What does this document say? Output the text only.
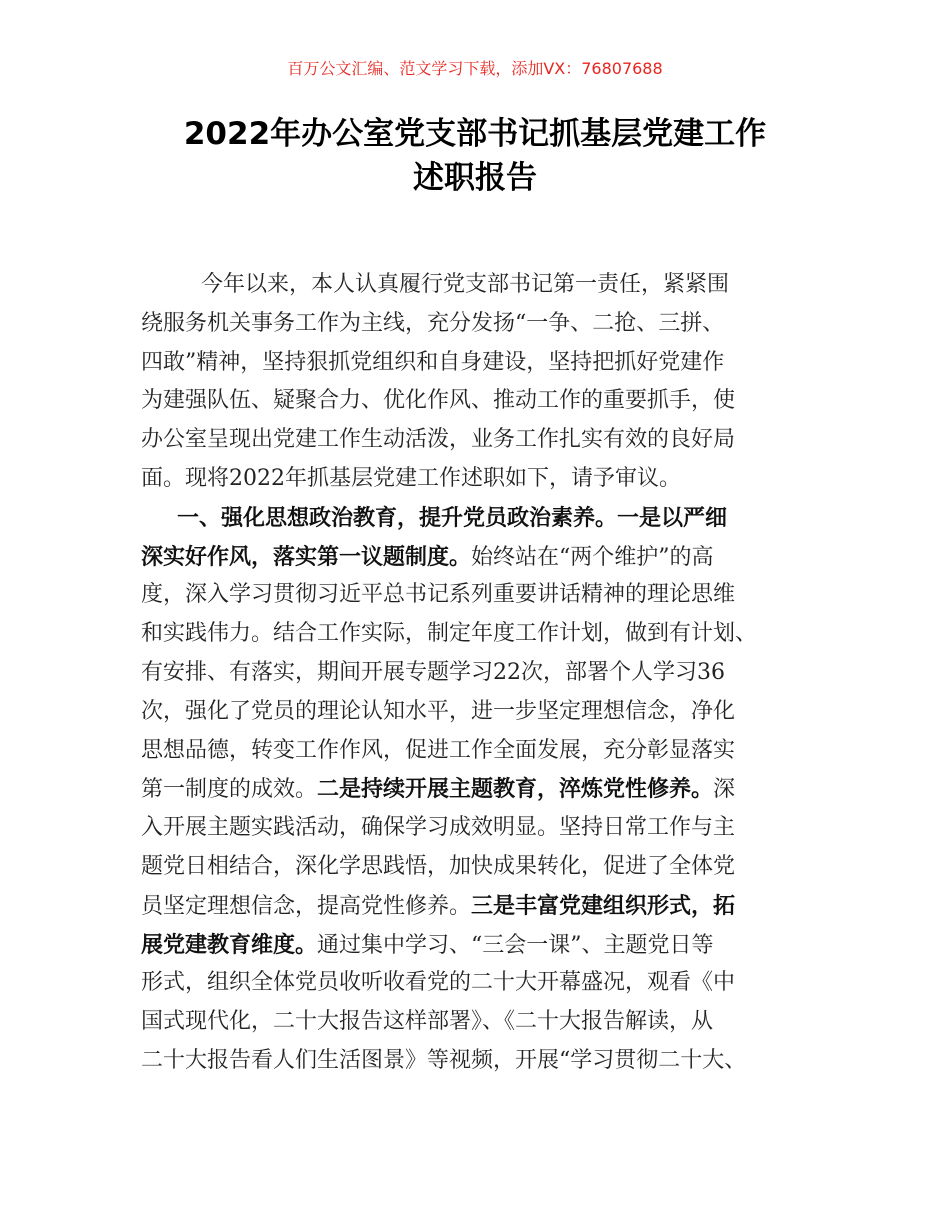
百万公文汇编、范文学习下载，添加VX：76807688
2022年办公室党支部书记抓基层党建工作
述职报告
今年以来，本人认真履行党支部书记第一责任，紧紧围
绕服务机关事务工作为主线，充分发扬“一争、二抢、三拼、
四敢”精神，坚持狠抓党组织和自身建设，坚持把抓好党建作
为建强队伍、疑聚合力、优化作风、推动工作的重要抓手，使
办公室呈现出党建工作生动活泼，业务工作扎实有效的良好局
面。现将2022年抓基层党建工作述职如下，请予审议。
一、强化思想政治教育，提升党员政治素养。一是以严细
深实好作风，落实第一议题制度。始终站在“两个维护”的高
度，深入学习贯彻习近平总书记系列重要讲话精神的理论思维
和实践伟力。结合工作实际，制定年度工作计划，做到有计划、
有安排、有落实，期间开展专题学习22次，部署个人学习36
次，强化了党员的理论认知水平，进一步坚定理想信念，净化
思想品德，转变工作作风，促进工作全面发展，充分彰显落实
第一制度的成效。二是持续开展主题教育，淬炼党性修养。深
入开展主题实践活动，确保学习成效明显。坚持日常工作与主
题党日相结合，深化学思践悟，加快成果转化，促进了全体党
员坚定理想信念，提高党性修养。三是丰富党建组织形式，拓
展党建教育维度。通过集中学习、“三会一课”、主题党日等
形式，组织全体党员收听收看党的二十大开幕盛况，观看《中
国式现代化，二十大报告这样部署》、《二十大报告解读，从
二十大报告看人们生活图景》等视频，开展“学习贯彻二十大、
